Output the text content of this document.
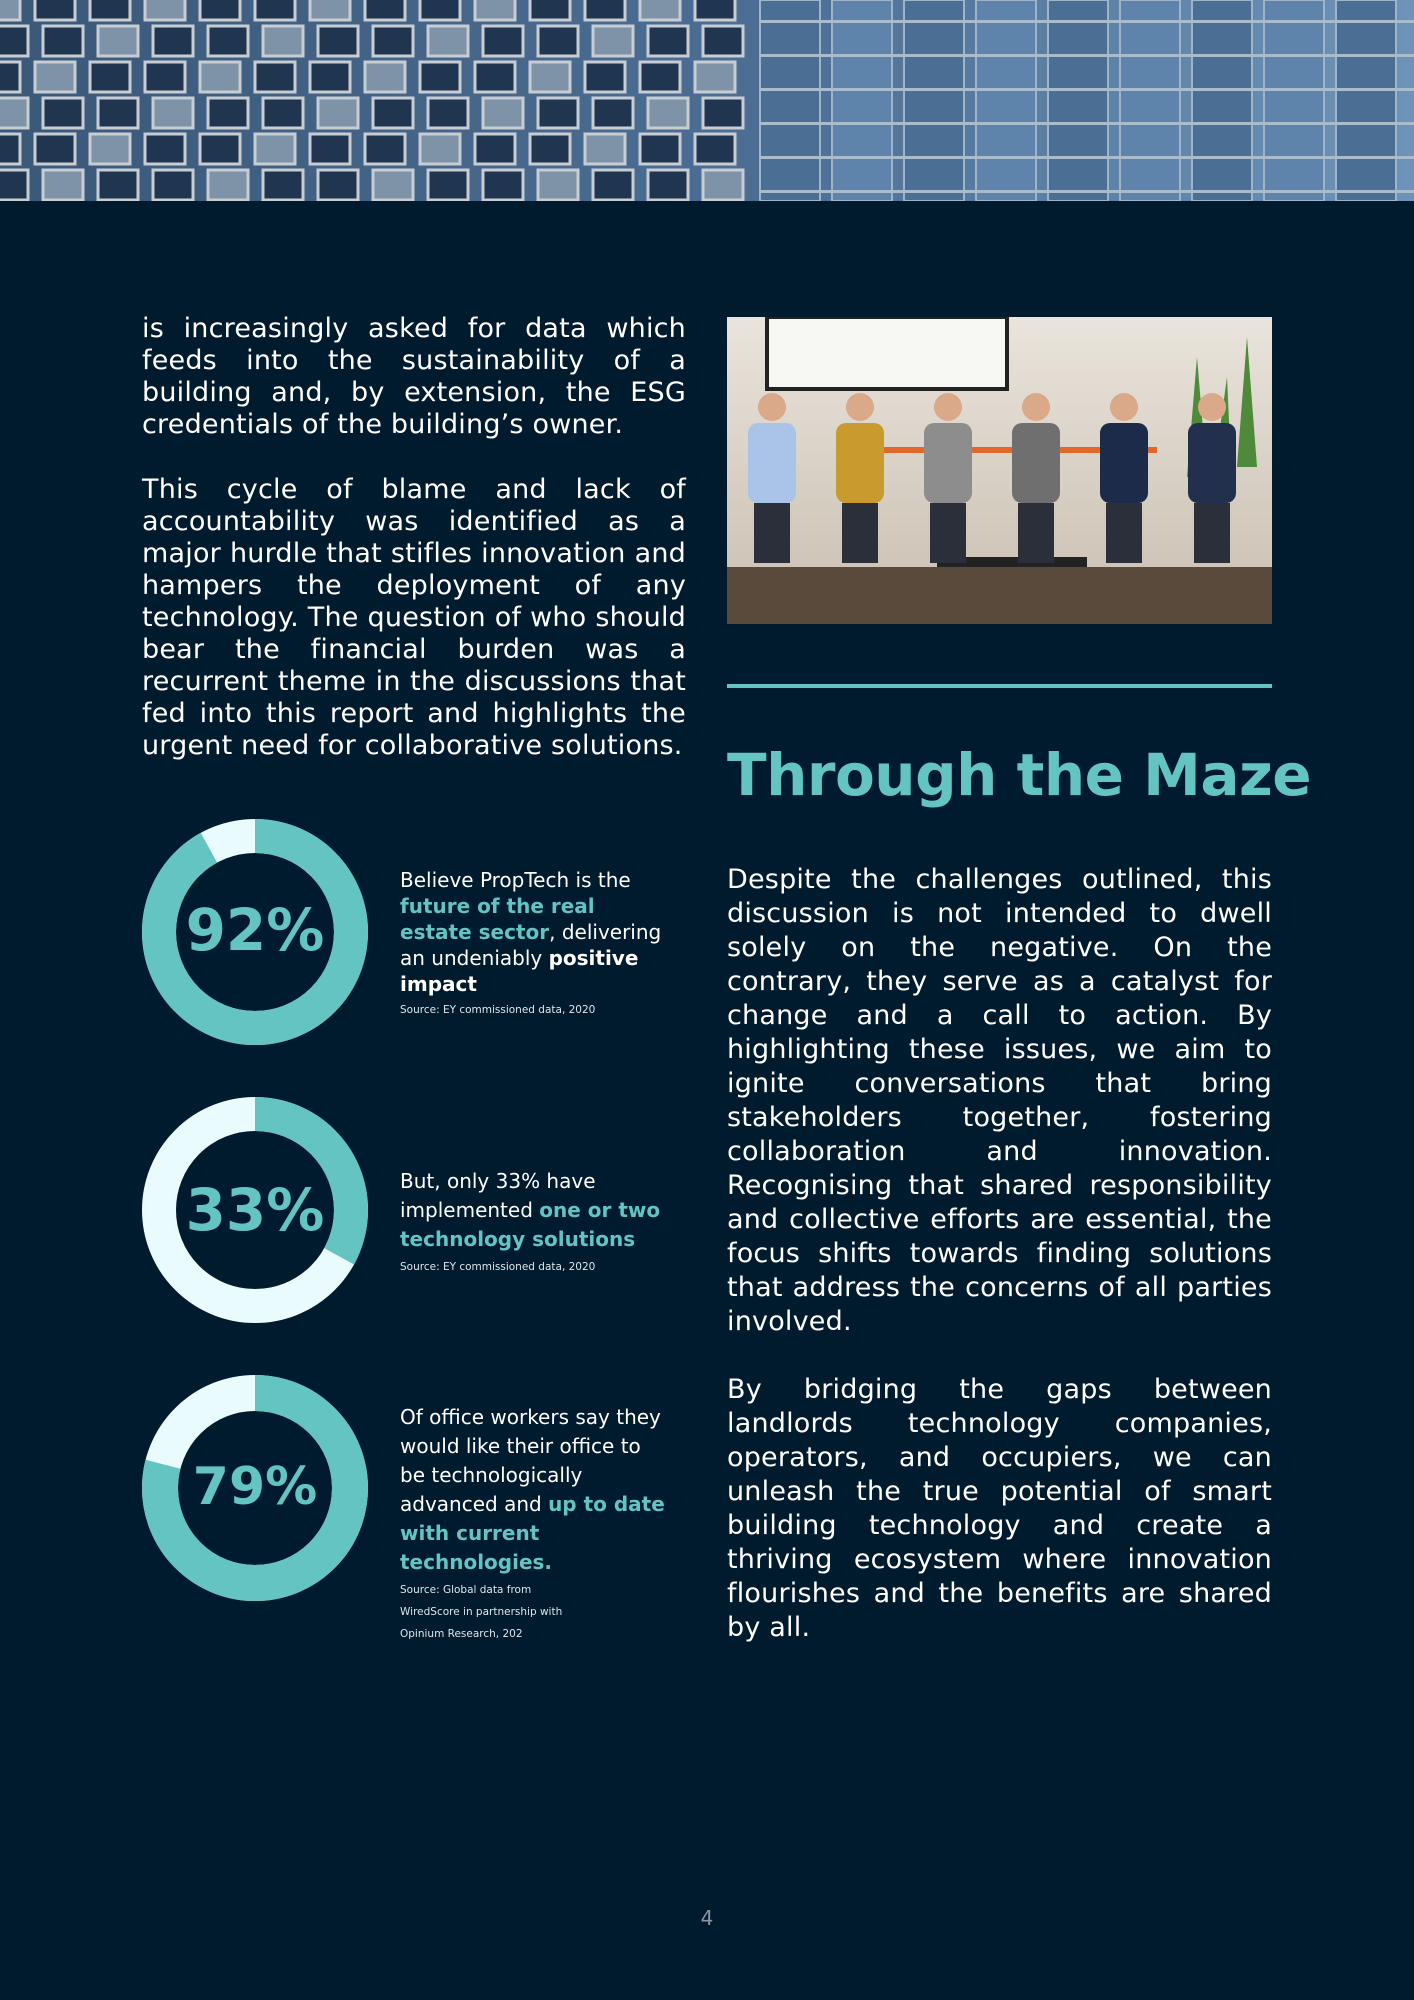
is increasingly asked for data which feeds into the sustainability of a building and, by extension, the ESG credentials of the building’s owner.

This cycle of blame and lack of accountability was identified as a major hurdle that stifles innovation and hampers the deployment of any technology. The question of who should bear the financial burden was a recurrent theme in the discussions that fed into this report and highlights the urgent need for collaborative solutions.

92%
Believe PropTech is the future of the real estate sector, delivering an undeniably positive impact
Source: EY commissioned data, 2020
33%	But, only 33% have implemented one or two technology solutions
Source: EY commissioned data, 2020
79%
Of office workers say they would like their office to be technologically advanced and up to date with current technologies.
Source: Global data from
WiredScore in partnership with
Opinium Research, 202
Through the Maze

Despite the challenges outlined, this discussion is not intended to dwell solely on the negative. On the contrary, they serve as a catalyst for change and a call to action. By highlighting these issues, we aim to ignite conversations that bring stakeholders together, fostering collaboration and innovation. Recognising that shared responsibility and collective efforts are essential, the focus shifts towards finding solutions that address the concerns of all parties involved.

By bridging the gaps between landlords technology companies, operators, and occupiers, we can unleash the true potential of smart building technology and create a thriving ecosystem where innovation flourishes and the benefits are shared by all.

4
